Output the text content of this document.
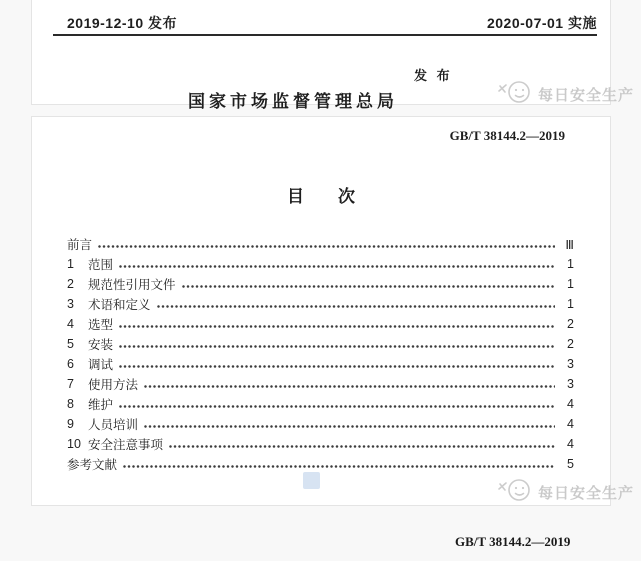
2019-12-10 发布	2020-07-01 实施

国家市场监督管理总局

发 布

每日安全生产
GB/T 38144.2—2019
目　　次
前言	Ⅲ
1	范围	1
2	规范性引用文件	1
3	术语和定义	1
4	选型	2
5	安装	2
6	调试	3
7	使用方法	3
8	维护	4
9	人员培训	4
10 安全注意事项	4
参考文献	5

每日安全生产
GB/T 38144.2—2019
